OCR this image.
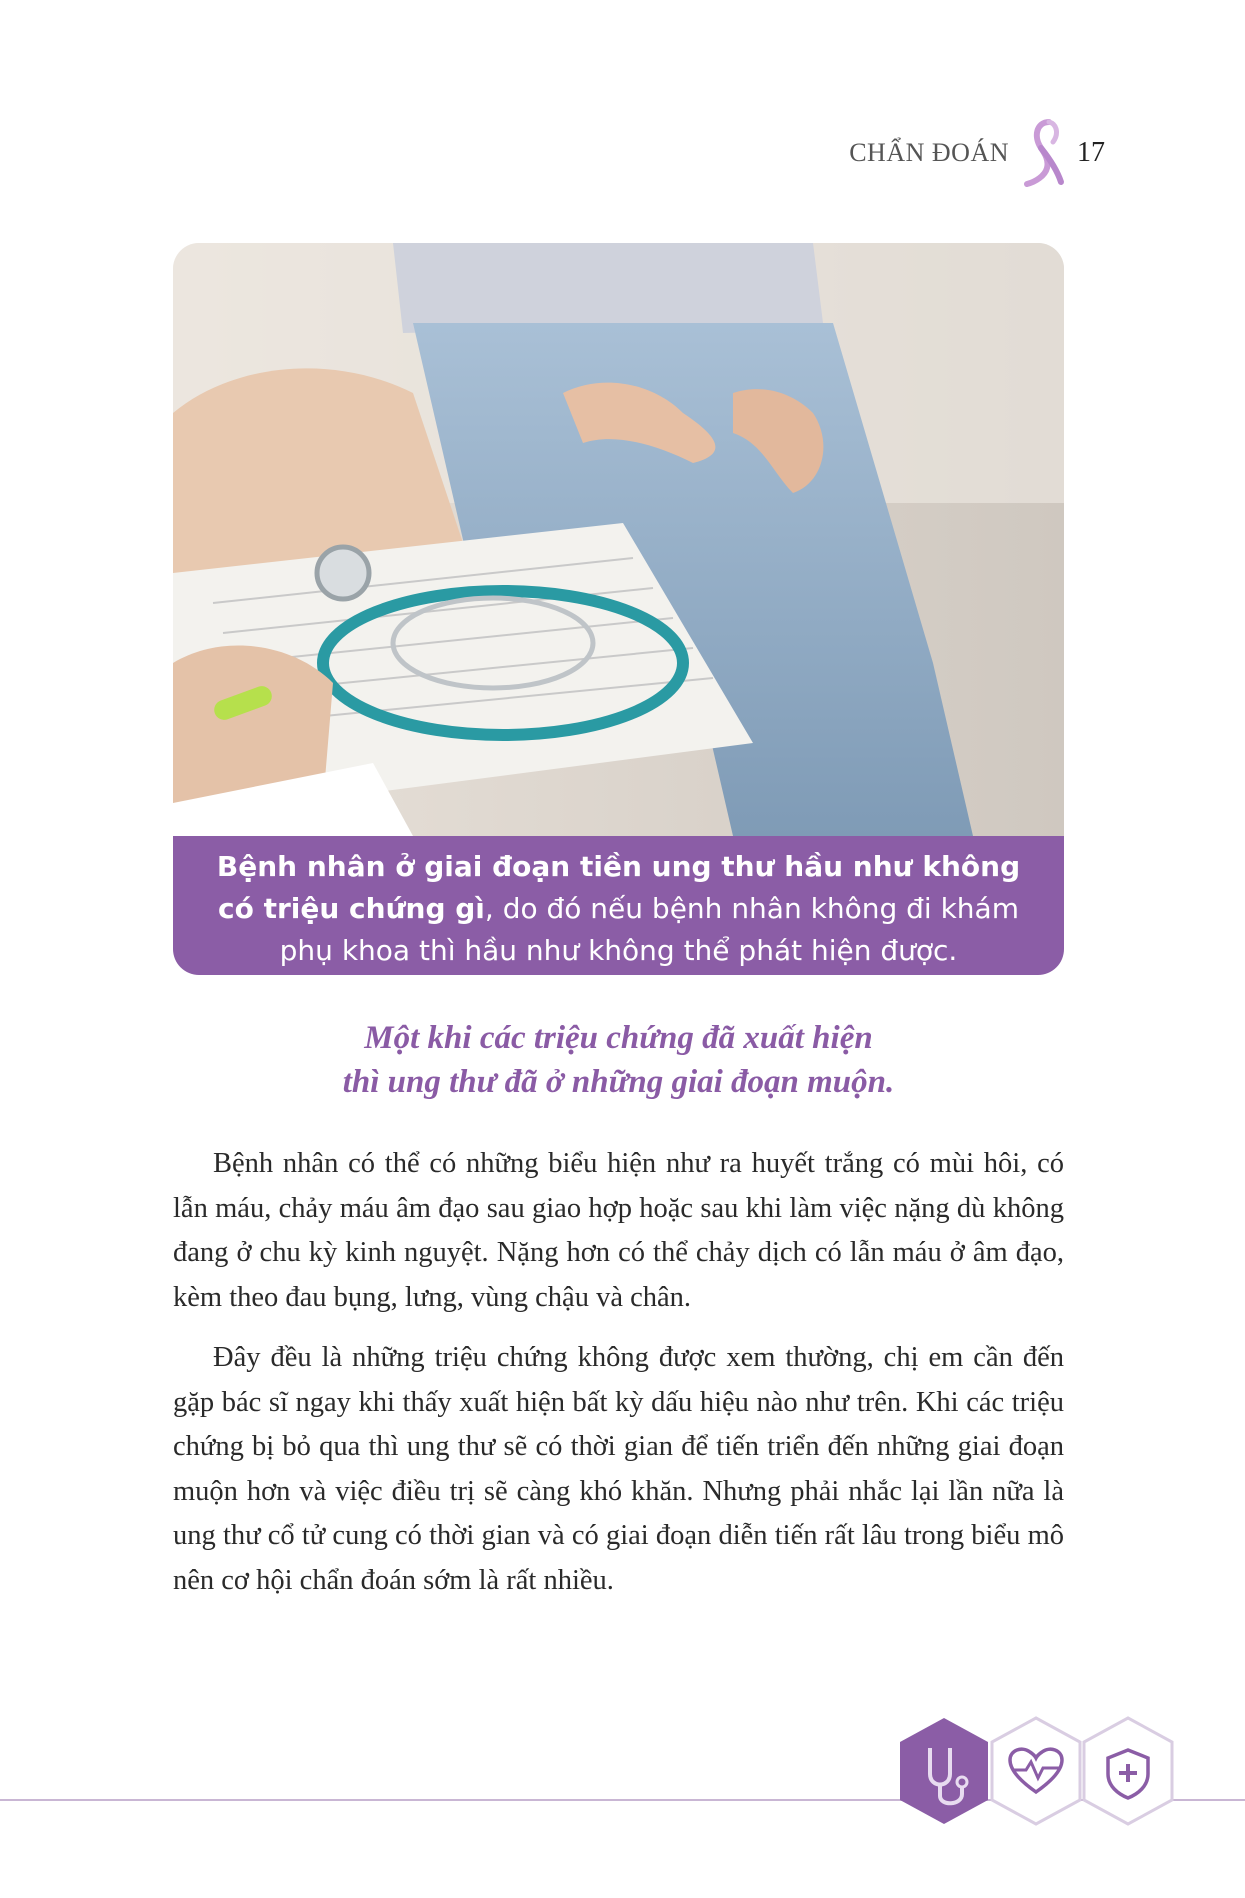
CHẨN ĐOÁN 17
Bệnh nhân ở giai đoạn tiền ung thư hầu như không có triệu chứng gì, do đó nếu bệnh nhân không đi khám phụ khoa thì hầu như không thể phát hiện được.
Một khi các triệu chứng đã xuất hiện
thì ung thư đã ở những giai đoạn muộn.

Bệnh nhân có thể có những biểu hiện như ra huyết trắng có mùi hôi, có lẫn máu, chảy máu âm đạo sau giao hợp hoặc sau khi làm việc nặng dù không đang ở chu kỳ kinh nguyệt. Nặng hơn có thể chảy dịch có lẫn máu ở âm đạo, kèm theo đau bụng, lưng, vùng chậu và chân.

Đây đều là những triệu chứng không được xem thường, chị em cần đến gặp bác sĩ ngay khi thấy xuất hiện bất kỳ dấu hiệu nào như trên. Khi các triệu chứng bị bỏ qua thì ung thư sẽ có thời gian để tiến triển đến những giai đoạn muộn hơn và việc điều trị sẽ càng khó khăn. Nhưng phải nhắc lại lần nữa là ung thư cổ tử cung có thời gian và có giai đoạn diễn tiến rất lâu trong biểu mô nên cơ hội chẩn đoán sớm là rất nhiều.
